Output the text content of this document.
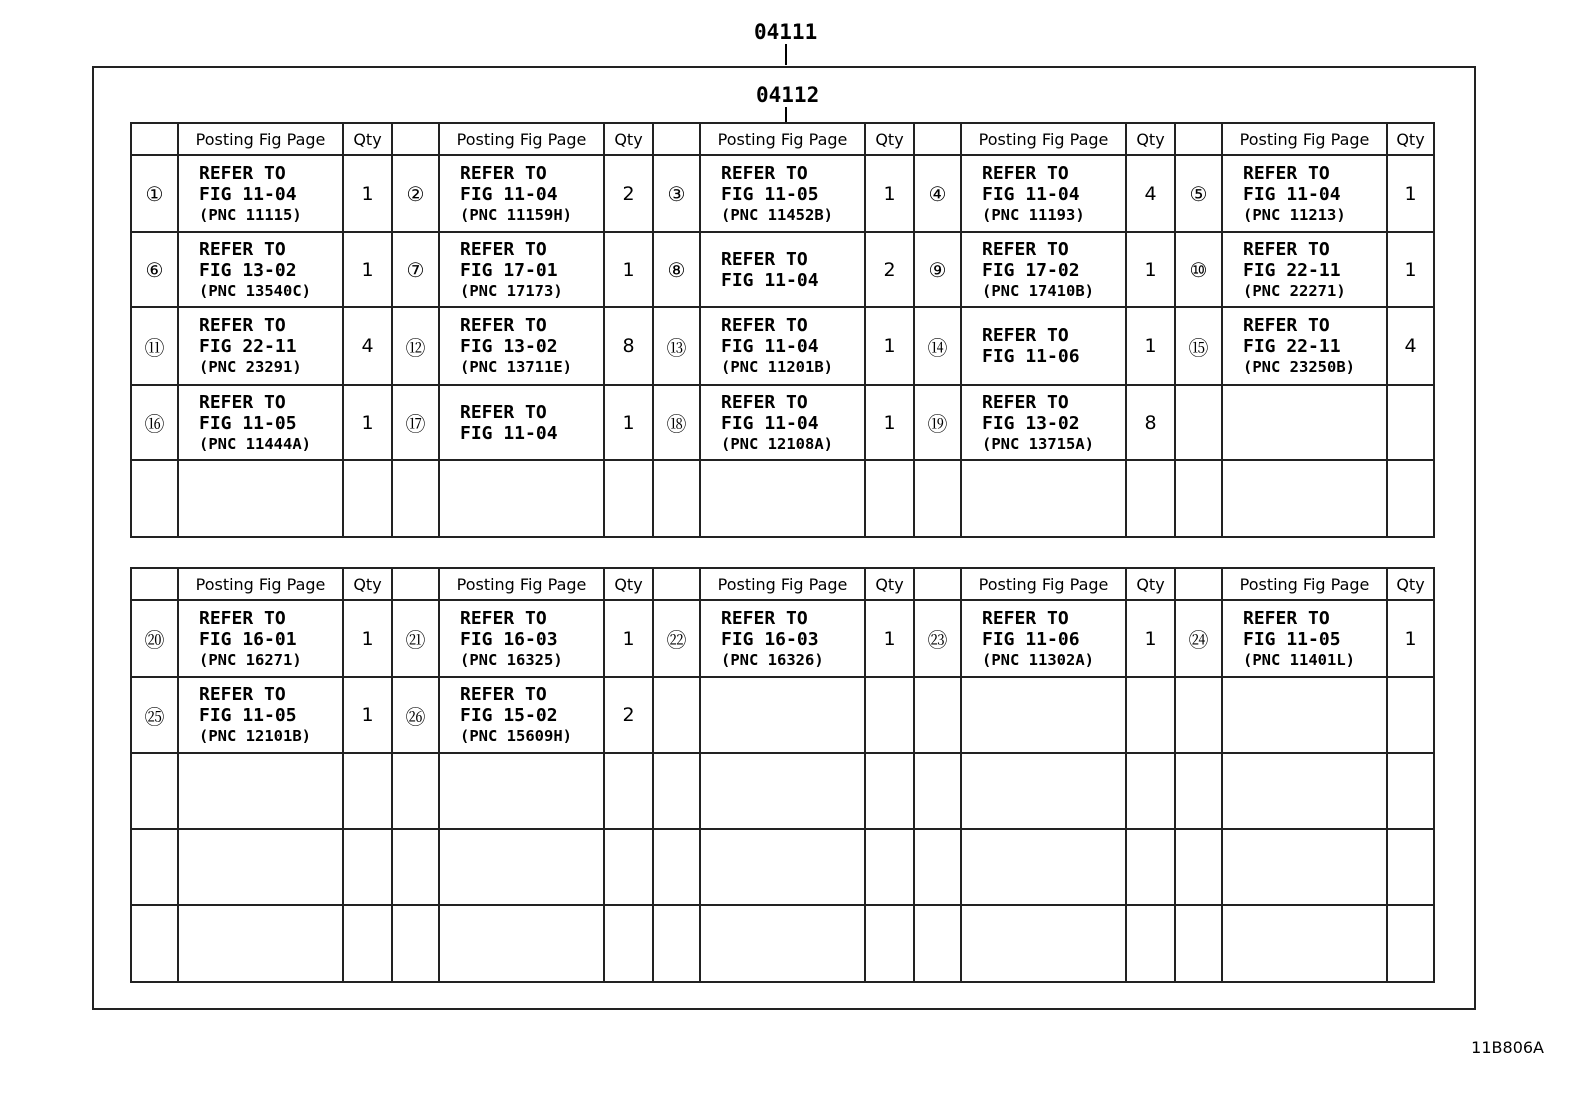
04111
04112
	Posting Fig Page	Qty		Posting Fig Page	Qty		Posting Fig Page	Qty		Posting Fig Page	Qty		Posting Fig Page	Qty
①	REFER TO
FIG 11-04
(PNC 11115)	1	②	REFER TO
FIG 11-04
(PNC 11159H)	2	③	REFER TO
FIG 11-05
(PNC 11452B)	1	④	REFER TO
FIG 11-04
(PNC 11193)	4	⑤	REFER TO
FIG 11-04
(PNC 11213)	1
⑥	REFER TO
FIG 13-02
(PNC 13540C)	1	⑦	REFER TO
FIG 17-01
(PNC 17173)	1	⑧	REFER TO
FIG 11-04	2	⑨	REFER TO
FIG 17-02
(PNC 17410B)	1	⑩	REFER TO
FIG 22-11
(PNC 22271)	1
⑪	REFER TO
FIG 22-11
(PNC 23291)	4	⑫	REFER TO
FIG 13-02
(PNC 13711E)	8	⑬	REFER TO
FIG 11-04
(PNC 11201B)	1	⑭	REFER TO
FIG 11-06	1	⑮	REFER TO
FIG 22-11
(PNC 23250B)	4
⑯	REFER TO
FIG 11-05
(PNC 11444A)	1	⑰	REFER TO
FIG 11-04	1	⑱	REFER TO
FIG 11-04
(PNC 12108A)	1	⑲	REFER TO
FIG 13-02
(PNC 13715A)	8		

	Posting Fig Page	Qty		Posting Fig Page	Qty		Posting Fig Page	Qty		Posting Fig Page	Qty		Posting Fig Page	Qty
⑳	REFER TO
FIG 16-01
(PNC 16271)	1	㉑	REFER TO
FIG 16-03
(PNC 16325)	1	㉒	REFER TO
FIG 16-03
(PNC 16326)	1	㉓	REFER TO
FIG 11-06
(PNC 11302A)	1	㉔	REFER TO
FIG 11-05
(PNC 11401L)	1
㉕	REFER TO
FIG 11-05
(PNC 12101B)	1	㉖	REFER TO
FIG 15-02
(PNC 15609H)	2		

11B806A
